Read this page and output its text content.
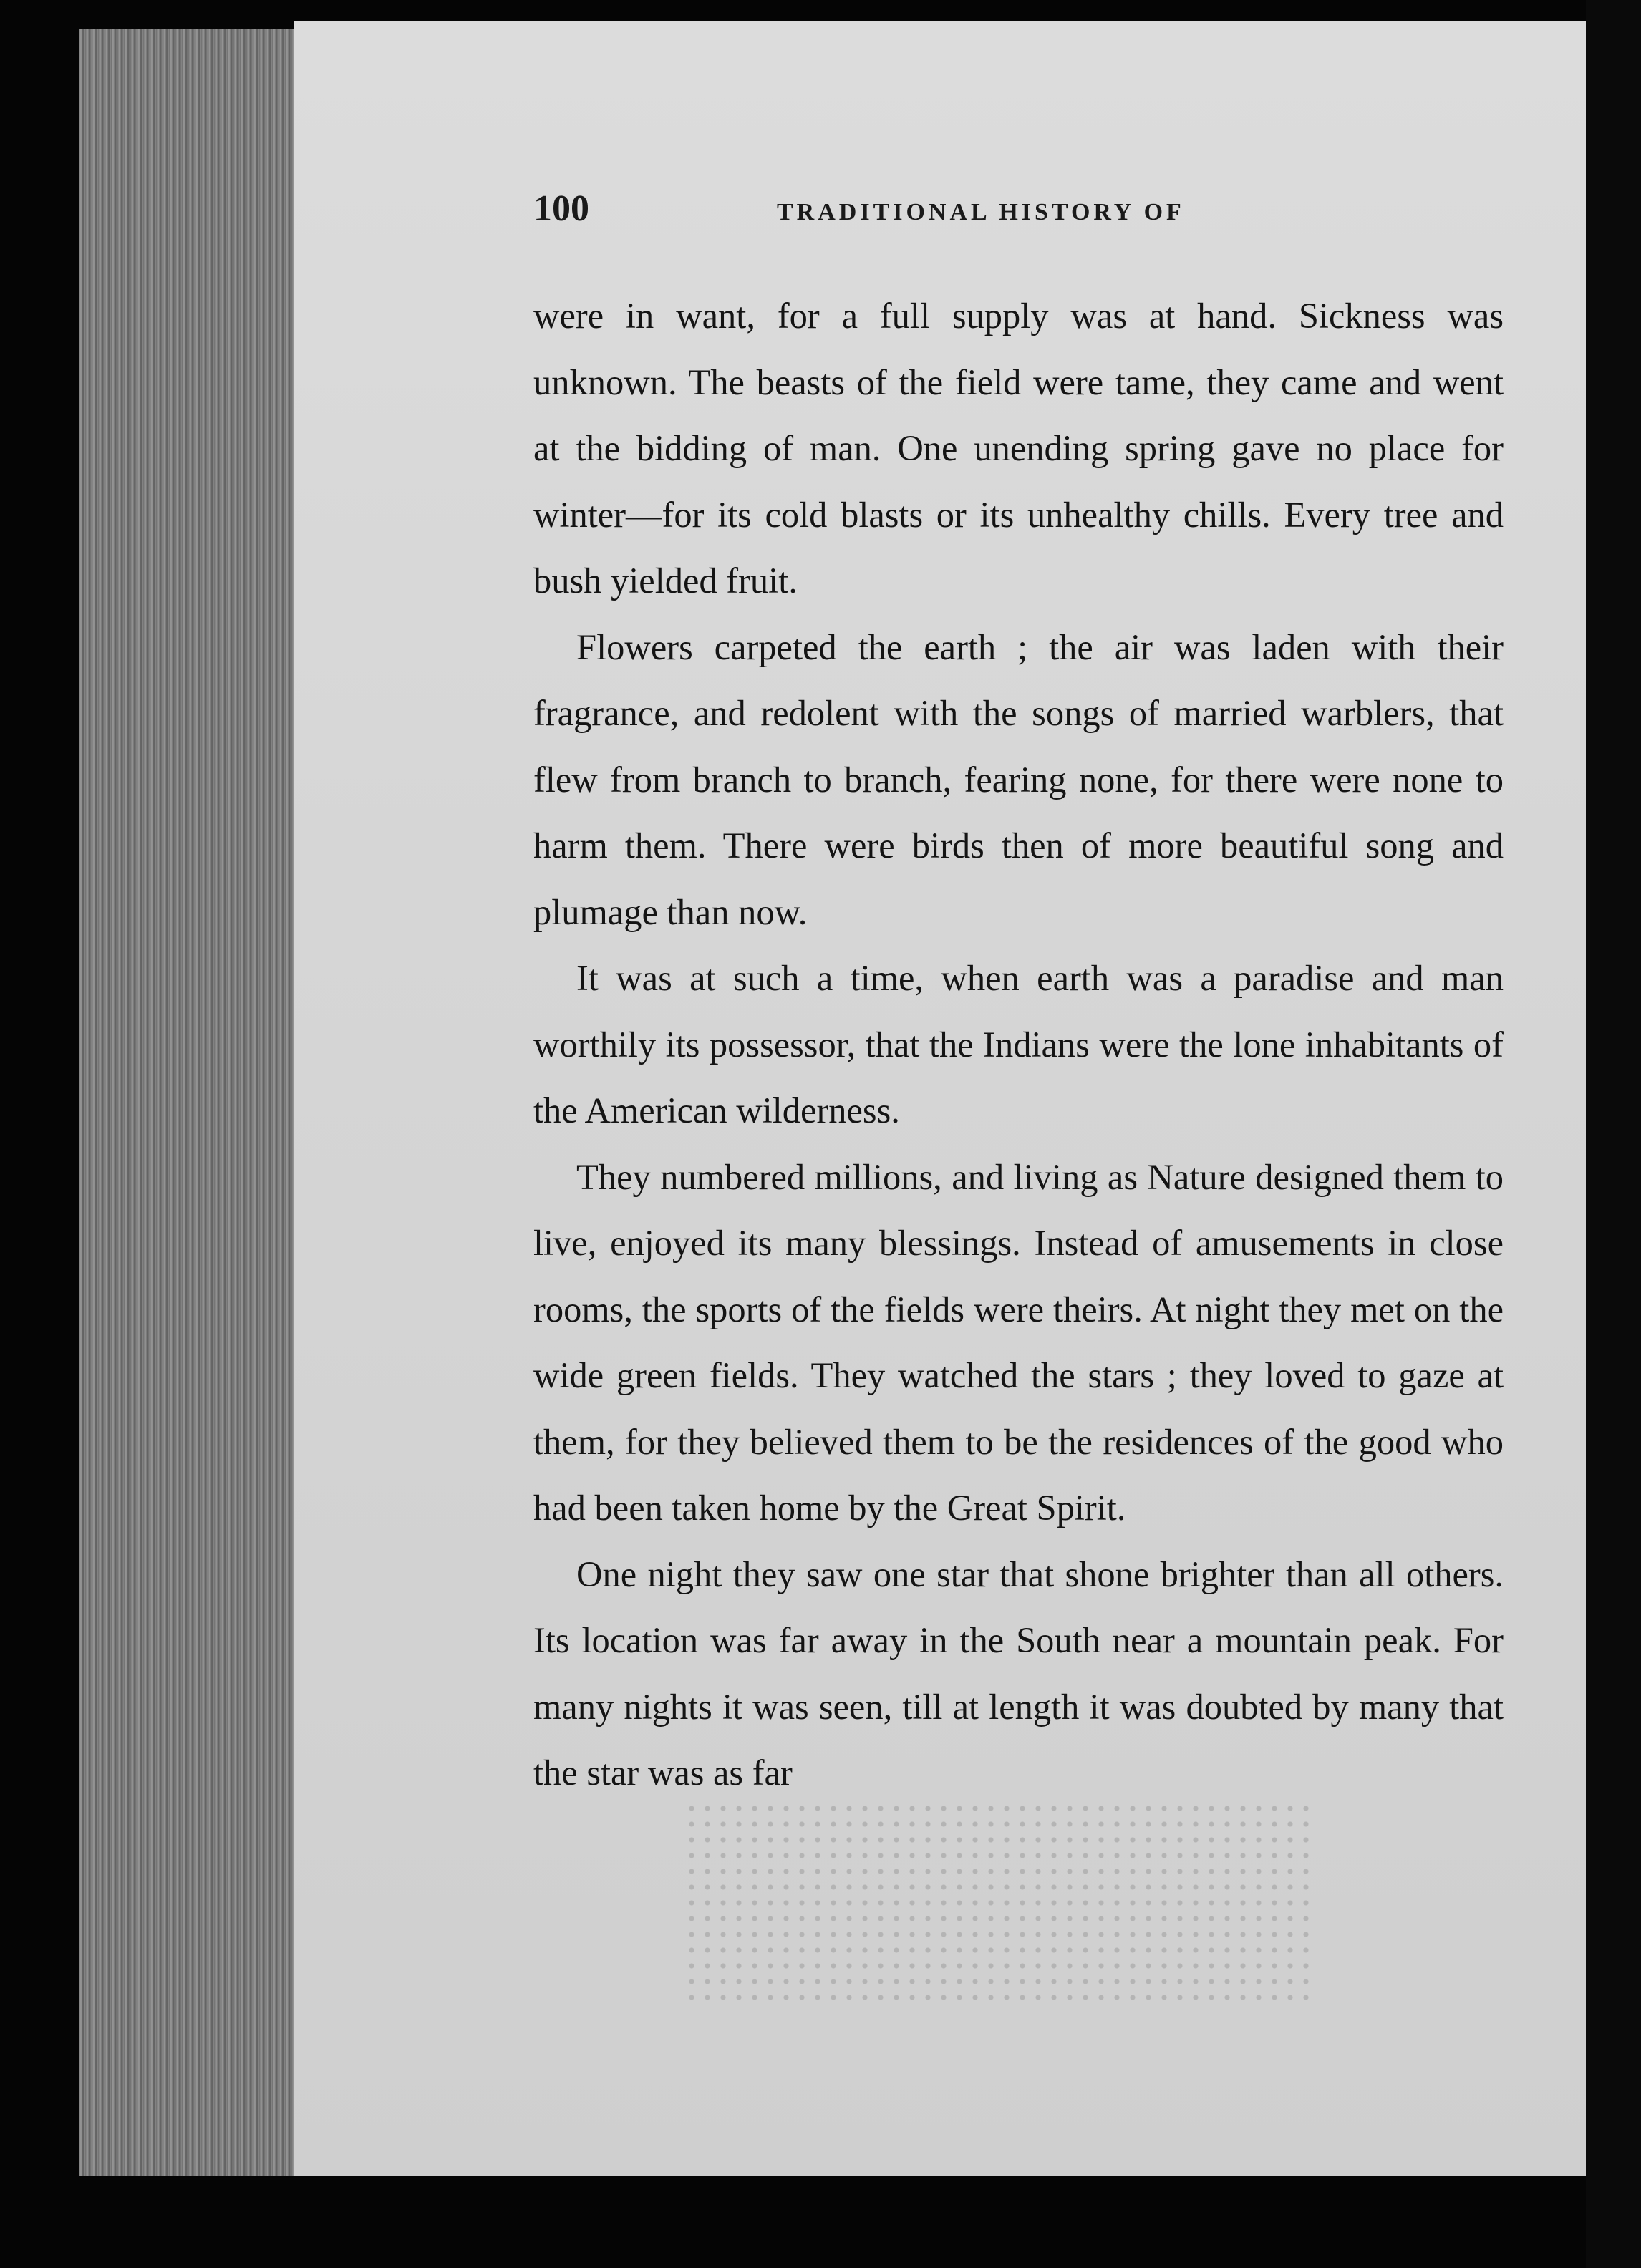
100	TRADITIONAL HISTORY OF

were in want, for a full supply was at hand. Sickness was unknown. The beasts of the field were tame, they came and went at the bidding of man. One unending spring gave no place for winter—for its cold blasts or its unhealthy chills. Every tree and bush yielded fruit.

Flowers carpeted the earth ; the air was laden with their fragrance, and redolent with the songs of married warblers, that flew from branch to branch, fearing none, for there were none to harm them. There were birds then of more beautiful song and plumage than now.

It was at such a time, when earth was a paradise and man worthily its possessor, that the Indians were the lone inhabitants of the American wilderness.

They numbered millions, and living as Nature designed them to live, enjoyed its many blessings. Instead of amusements in close rooms, the sports of the fields were theirs. At night they met on the wide green fields. They watched the stars ; they loved to gaze at them, for they believed them to be the residences of the good who had been taken home by the Great Spirit.

One night they saw one star that shone brighter than all others. Its location was far away in the South near a mountain peak. For many nights it was seen, till at length it was doubted by many that the star was as far
